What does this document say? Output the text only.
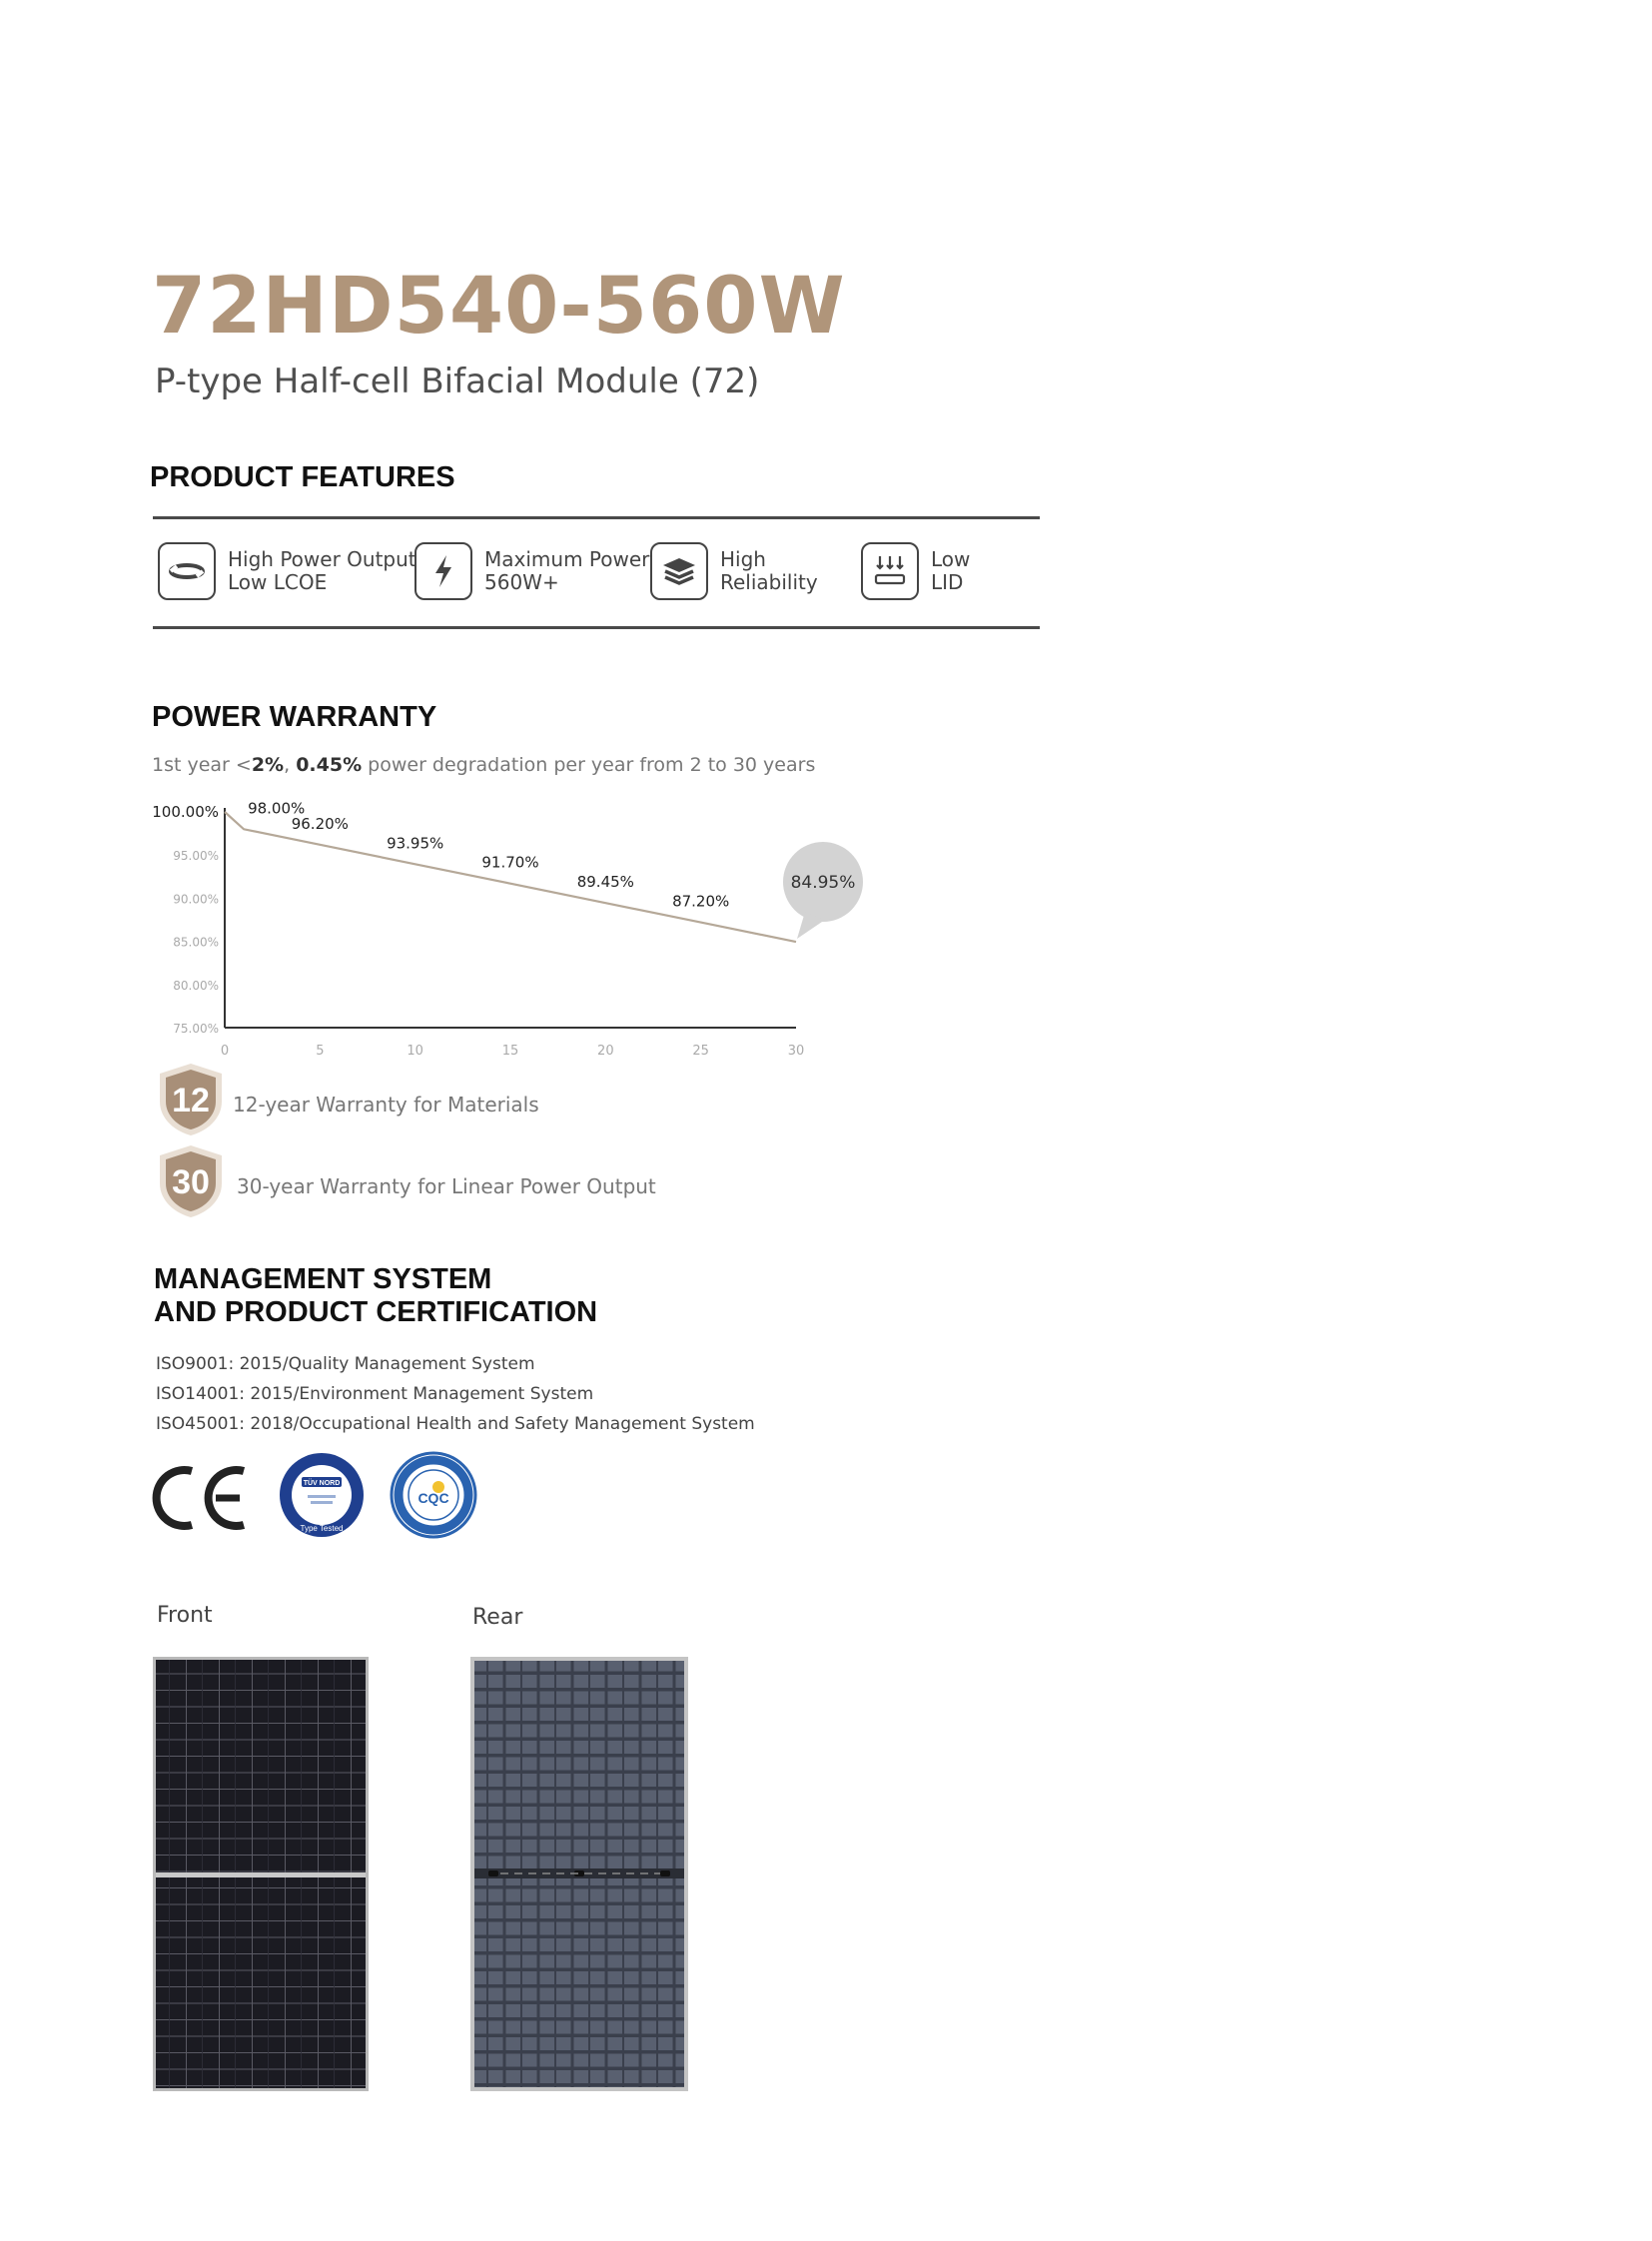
72HD540-560W
P-type Half-cell Bifacial Module (72)
PRODUCT FEATURES
High Power Output
Low LCOE
Maximum Power
560W+
High
Reliability
Low
LID
POWER WARRANTY
1st year <2%, 0.45% power degradation per year from 2 to 30 years
100.00%
95.00%
90.00%
85.00%
80.00%
75.00%
0	5	10	15	20	25	30
98.00%
96.20%
93.95%
91.70%
89.45%
87.20%
84.95%
12 12-year Warranty for Materials
30 30-year Warranty for Linear Power Output
MANAGEMENT SYSTEM
AND PRODUCT CERTIFICATION
ISO9001: 2015/Quality Management System
ISO14001: 2015/Environment Management System
ISO45001: 2018/Occupational Health and Safety Management System
TÜV NORD
Type Tested
CQC
Front	Rear
